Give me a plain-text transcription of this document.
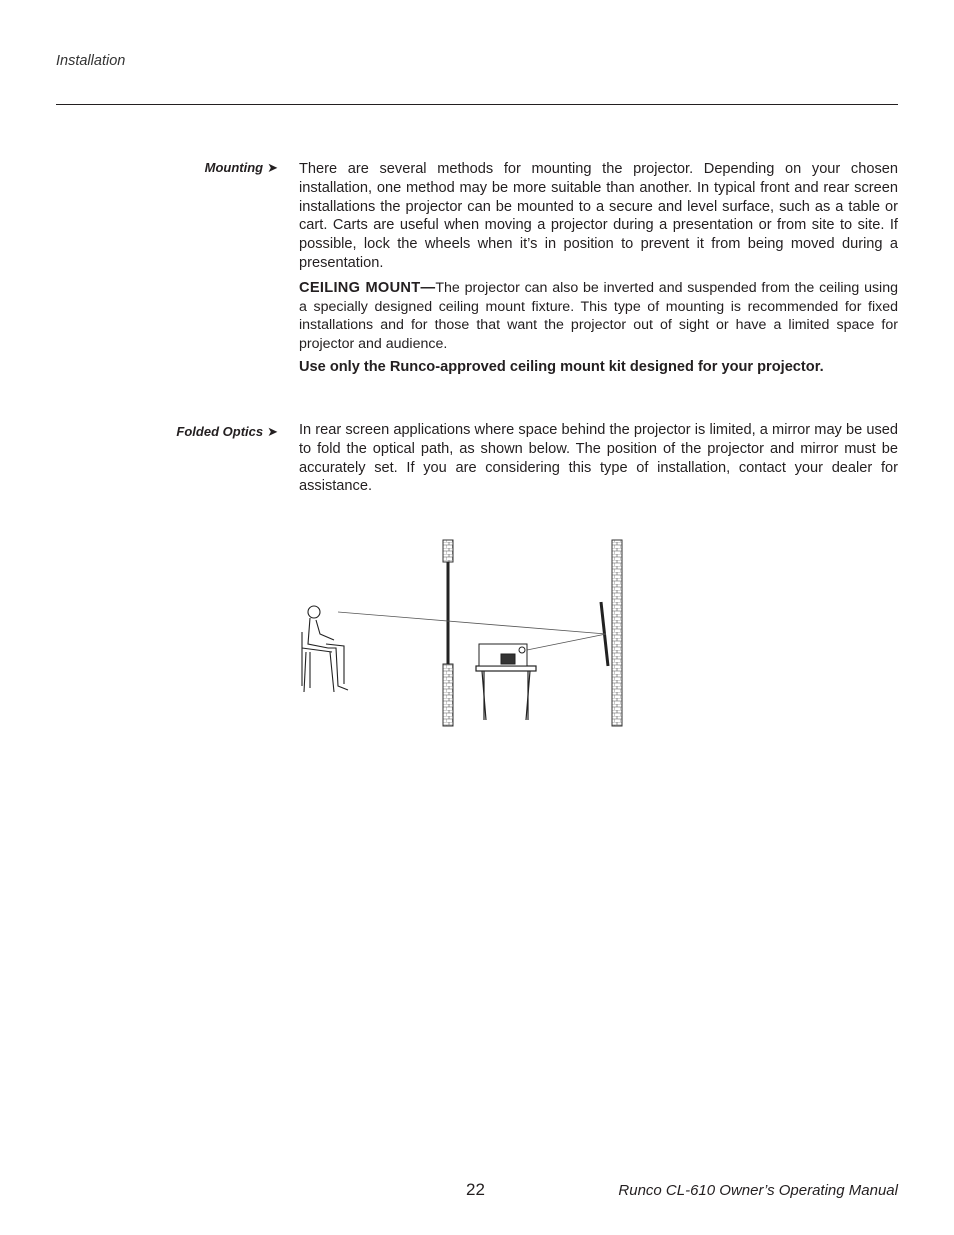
Installation
Mounting ➤ There are several methods for mounting the projector. Depending on your chosen installation, one method may be more suitable than another. In typical front and rear screen installations the projector can be mounted to a secure and level surface, such as a table or cart. Carts are useful when moving a projector during a presentation or from site to site. If possible, lock the wheels when it’s in position to prevent it from being moved during a presentation.

CEILING MOUNT—The projector can also be inverted and suspended from the ceiling using a specially designed ceiling mount fixture. This type of mounting is recommended for fixed installations and for those that want the projector out of sight or have a limited space for projector and audience.

Use only the Runco-approved ceiling mount kit designed for your projector.
Folded Optics ➤ In rear screen applications where space behind the projector is limited, a mirror may be used to fold the optical path, as shown below. The position of the projector and mirror must be accurately set. If you are considering this type of installation, contact your dealer for assistance.

22	Runco CL-610 Owner’s Operating Manual
